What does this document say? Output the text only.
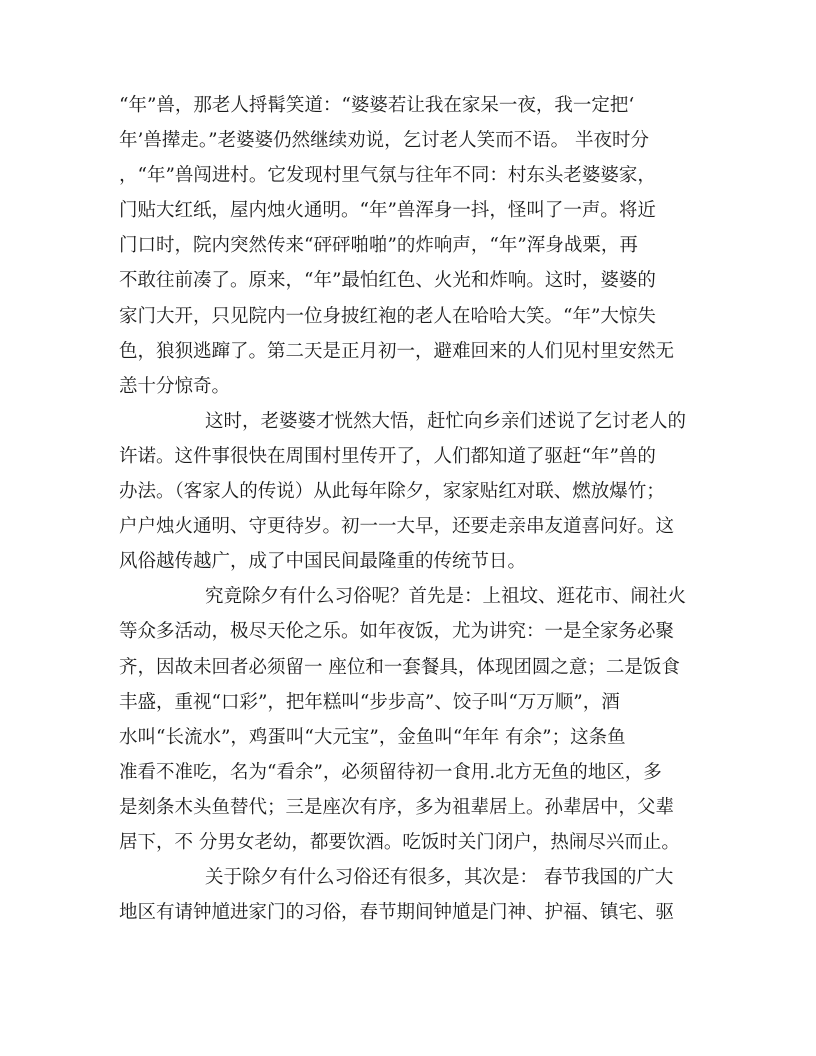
“年”兽，那老人捋髯笑道：“婆婆若让我在家呆一夜，我一定把‘
年’兽撵走。”老婆婆仍然继续劝说，乞讨老人笑而不语。 半夜时分
，“年”兽闯进村。它发现村里气氛与往年不同：村东头老婆婆家，
门贴大红纸，屋内烛火通明。“年”兽浑身一抖，怪叫了一声。将近
门口时，院内突然传来“砰砰啪啪”的炸响声，“年”浑身战栗，再
不敢往前凑了。原来，“年”最怕红色、火光和炸响。这时，婆婆的
家门大开，只见院内一位身披红袍的老人在哈哈大笑。“年”大惊失
色，狼狈逃蹿了。第二天是正月初一，避难回来的人们见村里安然无
恙十分惊奇。
这时，老婆婆才恍然大悟，赶忙向乡亲们述说了乞讨老人的
许诺。这件事很快在周围村里传开了，人们都知道了驱赶“年”兽的
办法。（客家人的传说）从此每年除夕，家家贴红对联、燃放爆竹；
户户烛火通明、守更待岁。初一一大早，还要走亲串友道喜问好。这
风俗越传越广，成了中国民间最隆重的传统节日。
究竟除夕有什么习俗呢？首先是：上祖坟、逛花市、闹社火
等众多活动，极尽天伦之乐。如年夜饭，尤为讲究：一是全家务必聚
齐，因故未回者必须留一 座位和一套餐具，体现团圆之意；二是饭食
丰盛，重视“口彩”，把年糕叫“步步高”、饺子叫“万万顺”，酒
水叫“长流水”，鸡蛋叫“大元宝”，金鱼叫“年年 有余”；这条鱼
准看不准吃，名为“看余”，必须留待初一食用.北方无鱼的地区，多
是刻条木头鱼替代；三是座次有序，多为祖辈居上。孙辈居中，父辈
居下，不 分男女老幼，都要饮酒。吃饭时关门闭户，热闹尽兴而止。
关于除夕有什么习俗还有很多，其次是： 春节我国的广大
地区有请钟馗进家门的习俗，春节期间钟馗是门神、护福、镇宅、驱
